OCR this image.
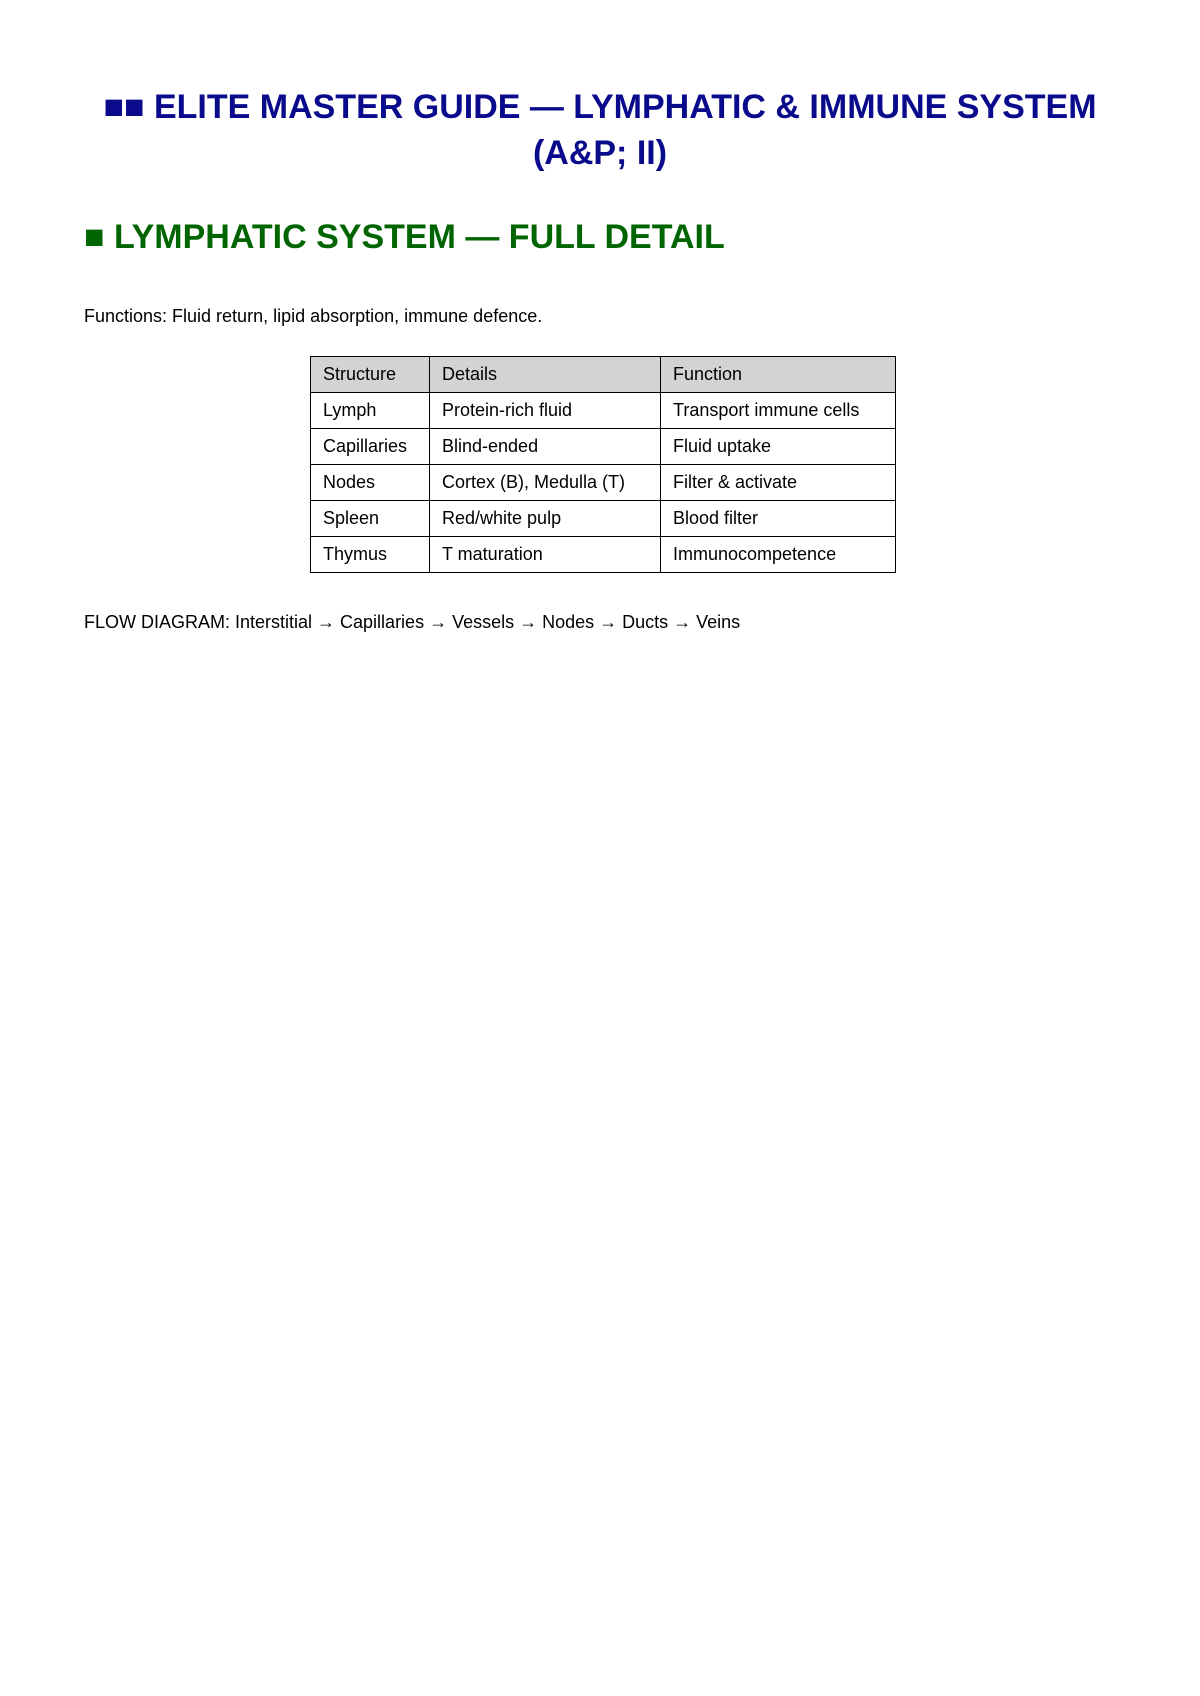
■■ ELITE MASTER GUIDE — LYMPHATIC & IMMUNE SYSTEM (A&P; II)
■ LYMPHATIC SYSTEM — FULL DETAIL

Functions: Fluid return, lipid absorption, immune defence.

Structure	Details	Function
Lymph	Protein-rich fluid	Transport immune cells
Capillaries	Blind-ended	Fluid uptake
Nodes	Cortex (B), Medulla (T)	Filter & activate
Spleen	Red/white pulp	Blood filter
Thymus	T maturation	Immunocompetence

FLOW DIAGRAM: Interstitial → Capillaries → Vessels → Nodes → Ducts → Veins
